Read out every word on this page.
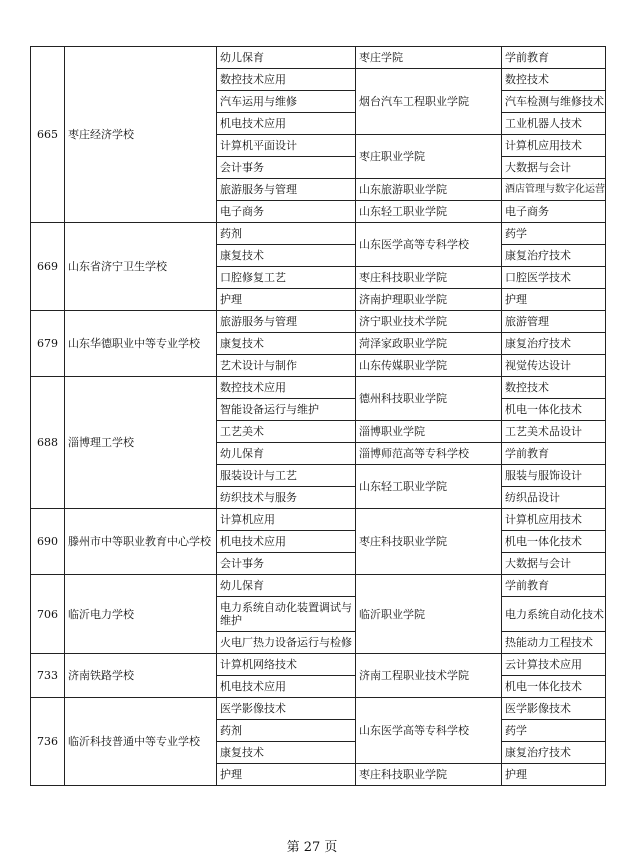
665	枣庄经济学校	幼儿保育	枣庄学院	学前教育
		数控技术应用	烟台汽车工程职业学院	数控技术
		汽车运用与维修		汽车检测与维修技术
		机电技术应用		工业机器人技术
		计算机平面设计	枣庄职业学院	计算机应用技术
		会计事务		大数据与会计
		旅游服务与管理	山东旅游职业学院	酒店管理与数字化运营
		电子商务	山东轻工职业学院	电子商务
669	山东省济宁卫生学校	药剂	山东医学高等专科学校	药学
		康复技术		康复治疗技术
		口腔修复工艺	枣庄科技职业学院	口腔医学技术
		护理	济南护理职业学院	护理
679	山东华德职业中等专业学校	旅游服务与管理	济宁职业技术学院	旅游管理
		康复技术	菏泽家政职业学院	康复治疗技术
		艺术设计与制作	山东传媒职业学院	视觉传达设计
688	淄博理工学校	数控技术应用	德州科技职业学院	数控技术
		智能设备运行与维护		机电一体化技术
		工艺美术	淄博职业学院	工艺美术品设计
		幼儿保育	淄博师范高等专科学校	学前教育
		服装设计与工艺	山东轻工职业学院	服装与服饰设计
		纺织技术与服务		纺织品设计
690	滕州市中等职业教育中心学校	计算机应用	枣庄科技职业学院	计算机应用技术
		机电技术应用		机电一体化技术
		会计事务		大数据与会计
706	临沂电力学校	幼儿保育	临沂职业学院	学前教育
		电力系统自动化装置调试与维护		电力系统自动化技术
		火电厂热力设备运行与检修		热能动力工程技术
733	济南铁路学校	计算机网络技术	济南工程职业技术学院	云计算技术应用
		机电技术应用		机电一体化技术
736	临沂科技普通中等专业学校	医学影像技术	山东医学高等专科学校	医学影像技术
		药剂		药学
		康复技术		康复治疗技术
		护理	枣庄科技职业学院	护理
第 27 页
